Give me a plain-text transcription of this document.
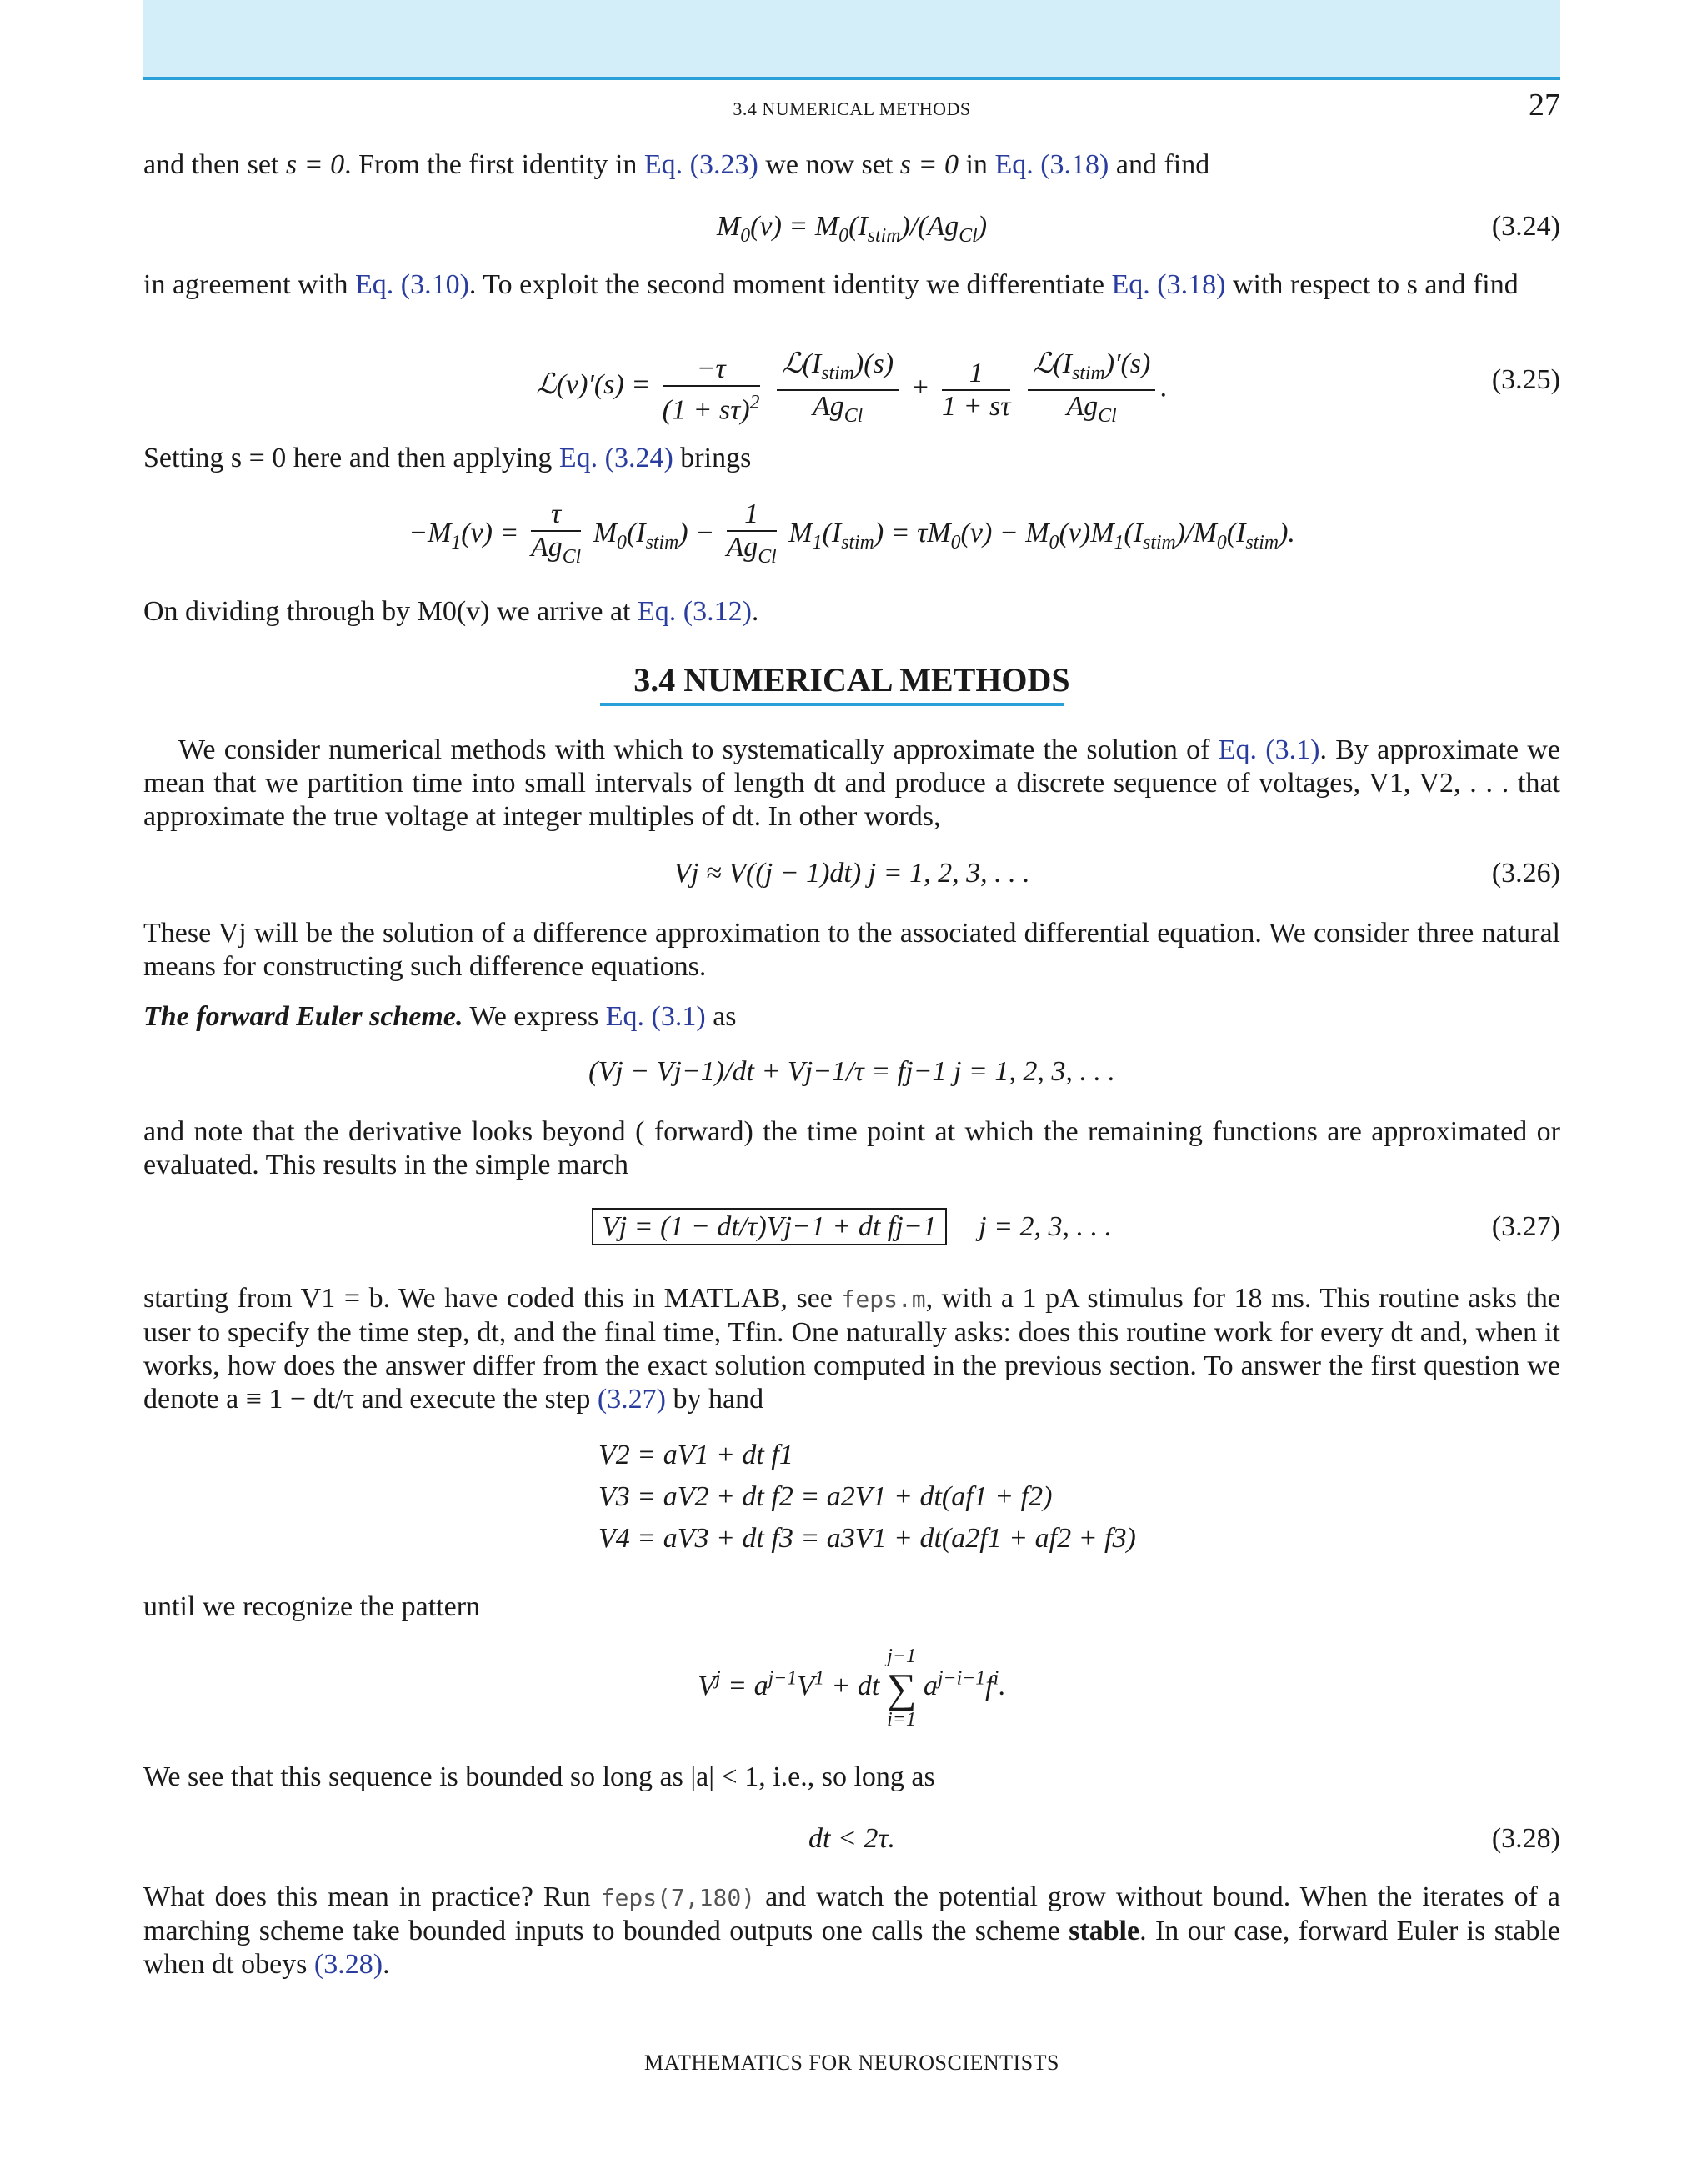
3.4 NUMERICAL METHODS	27

and then set s = 0. From the first identity in Eq. (3.23) we now set s = 0 in Eq. (3.18) and find

$M_0(v) = M_0(I_{stim})/(Ag_{Cl})$	(3.24)

in agreement with Eq. (3.10). To exploit the second moment identity we differentiate Eq. (3.18) with respect to s and find

ℒ(v)′(s) = $\frac{-\tau}{(1 + s\tau)^2}$
$\frac{ℒ(I_{stim})(s)}{Ag_{Cl}} + \frac{1}{1 + s\tau}$
$\frac{ℒ(I_{stim})'(s)}{Ag_{Cl}}$ .	(3.25)

Setting s = 0 here and then applying Eq. (3.24) brings

$-M_1(v) = \frac{\tau}{Ag_{Cl}} M_0(I_{stim}) - \frac{1}{Ag_{Cl}} M_1(I_{stim}) = \tau M_0(v) - M_0(v)M_1(I_{stim})/M_0(I_{stim})$.

On dividing through by M0(v) we arrive at Eq. (3.12).

3.4 NUMERICAL METHODS

We consider numerical methods with which to systematically approximate the solution of Eq. (3.1). By approximate we mean that we partition time into small intervals of length dt and produce a discrete sequence of voltages, V1, V2, . . . that approximate the true voltage at integer multiples of dt. In other words,

Vj ≈ V((j − 1)dt) j = 1, 2, 3, . . .	(3.26)

These Vj will be the solution of a difference approximation to the associated differential equation. We consider three natural means for constructing such difference equations.

The forward Euler scheme. We express Eq. (3.1) as

(Vj − Vj−1)/dt + Vj−1/τ = fj−1 j = 1, 2, 3, . . .

and note that the derivative looks beyond ( forward) the time point at which the remaining functions are approximated or evaluated. This results in the simple march

Vj = (1 − dt/τ)Vj−1 + dt fj−1 j = 2, 3, . . .	(3.27)

starting from V1 = b. We have coded this in MATLAB, see feps.m, with a 1 pA stimulus for 18 ms. This routine asks the user to specify the time step, dt, and the final time, Tfin. One naturally asks: does this routine work for every dt and, when it works, how does the answer differ from the exact solution computed in the previous section. To answer the first question we denote a ≡ 1 − dt/τ and execute the step (3.27) by hand

V2 = aV1 + dt f1
V3 = aV2 + dt f2 = a2V1 + dt(af1 + f2)
V4 = aV3 + dt f3 = a3V1 + dt(a2f1 + af2 + f3)

until we recognize the pattern

$V^j = a^{j-1}V^1$ + dt
j−1
∑
i=1
$a^{j-i-1}f^i$.

We see that this sequence is bounded so long as |a| < 1, i.e., so long as

dt < 2τ.	(3.28)

What does this mean in practice? Run feps(7,180) and watch the potential grow without bound. When the iterates of a marching scheme take bounded inputs to bounded outputs one calls the scheme stable. In our case, forward Euler is stable when dt obeys (3.28).

MATHEMATICS FOR NEUROSCIENTISTS
